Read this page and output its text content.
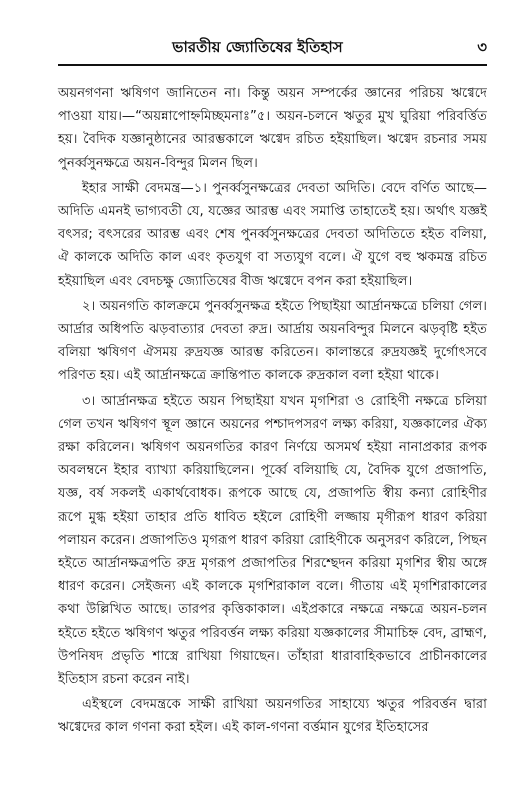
ভারতীয় জ্যোতিষের ইতিহাস	৩

অয়নগণনা ঋষিগণ জানিতেন না। কিন্তু অয়ন সম্পর্কের জ্ঞানের পরিচয় ঋগ্বেদে পাওয়া যায়।—“অয়ন্নাপোহ্নমিচ্ছমনাঃ”৫। অয়ন-চলনে ঋতুর মুখ ঘুরিয়া পরিবর্ত্তিত হয়। বৈদিক যজ্ঞানুষ্ঠানের আরম্ভকালে ঋগ্বেদ রচিত হইয়াছিল। ঋগ্বেদ রচনার সময় পুনর্ব্বসুনক্ষত্রে অয়ন-বিন্দুর মিলন ছিল।

ইহার সাক্ষী বেদমন্ত্র—১। পুনর্ব্বসুনক্ষত্রের দেবতা অদিতি। বেদে বর্ণিত আছে—অদিতি এমনই ভাগ্যবতী যে, যজ্ঞের আরম্ভ এবং সমাপ্তি তাহাতেই হয়। অর্থাৎ যজ্ঞই বৎসর; বৎসরের আরম্ভ এবং শেষ পুনর্ব্বসুনক্ষত্রের দেবতা অদিতিতে হইত বলিয়া, ঐ কালকে অদিতি কাল এবং কৃতযুগ বা সত্যযুগ বলে। ঐ যুগে বহু ঋকমন্ত্র রচিত হইয়াছিল এবং বেদচক্ষু জ্যোতিষের বীজ ঋগ্বেদে বপন করা হইয়াছিল।

২। অয়নগতি কালক্রমে পুনর্ব্বসুনক্ষত্র হইতে পিছাইয়া আর্দ্রানক্ষত্রে চলিয়া গেল। আর্দ্রার অধিপতি ঝড়বাত্যার দেবতা রুদ্র। আর্দ্রায় অয়নবিন্দুর মিলনে ঝড়বৃষ্টি হইত বলিয়া ঋষিগণ ঐসময় রুদ্রযজ্ঞ আরম্ভ করিতেন। কালান্তরে রুদ্রযজ্ঞই দুর্গোৎসবে পরিণত হয়। এই আর্দ্রানক্ষত্রে ক্রান্তিপাত কালকে রুদ্রকাল বলা হইয়া থাকে।

৩। আর্দ্রানক্ষত্র হইতে অয়ন পিছাইয়া যখন মৃগশিরা ও রোহিণী নক্ষত্রে চলিয়া গেল তখন ঋষিগণ স্থূল জ্ঞানে অয়নের পশ্চাদপসরণ লক্ষ্য করিয়া, যজ্ঞকালের ঐক্য রক্ষা করিলেন। ঋষিগণ অয়নগতির কারণ নির্ণয়ে অসমর্থ হইয়া নানাপ্রকার রূপক অবলম্বনে ইহার ব্যাখ্যা করিয়াছিলেন। পূর্ব্বে বলিয়াছি যে, বৈদিক যুগে প্রজাপতি, যজ্ঞ, বর্ষ সকলই একার্থবোধক। রূপকে আছে যে, প্রজাপতি স্বীয় কন্যা রোহিণীর রূপে মুগ্ধ হইয়া তাহার প্রতি ধাবিত হইলে রোহিণী লজ্জায় মৃগীরূপ ধারণ করিয়া পলায়ন করেন। প্রজাপতিও মৃগরূপ ধারণ করিয়া রোহিণীকে অনুসরণ করিলে, পিছন হইতে আর্দ্রানক্ষত্রপতি রুদ্র মৃগরূপ প্রজাপতির শিরশ্ছেদন করিয়া মৃগশির স্বীয় অঙ্গে ধারণ করেন। সেইজন্য এই কালকে মৃগশিরাকাল বলে। গীতায় এই মৃগশিরাকালের কথা উল্লিখিত আছে। তারপর কৃত্তিকাকাল। এইপ্রকারে নক্ষত্রে নক্ষত্রে অয়ন-চলন হইতে হইতে ঋষিগণ ঋতুর পরিবর্ত্তন লক্ষ্য করিয়া যজ্ঞকালের সীমাচিহ্ন বেদ, ব্রাহ্মণ, উপনিষদ প্রভৃতি শাস্ত্রে রাখিয়া গিয়াছেন। তাঁহারা ধারাবাহিকভাবে প্রাচীনকালের ইতিহাস রচনা করেন নাই।

এইস্থলে বেদমন্ত্রকে সাক্ষী রাখিয়া অয়নগতির সাহায্যে ঋতুর পরিবর্ত্তন দ্বারা ঋগ্বেদের কাল গণনা করা হইল। এই কাল-গণনা বর্ত্তমান যুগের ইতিহাসের
